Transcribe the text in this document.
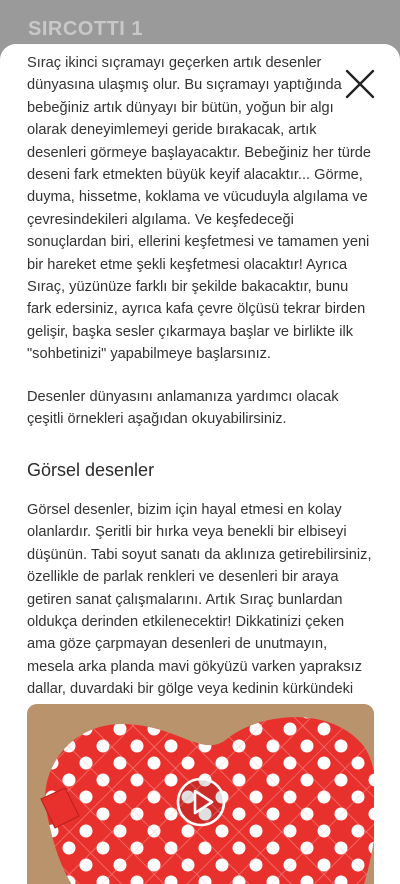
SIRCOTTI 1

Sıraç ikinci sıçramayı geçerken artık desenler dünyasına ulaşmış olur. Bu sıçramayı yaptığında bebeğiniz artık dünyayı bir bütün, yoğun bir algı olarak deneyimlemeyi geride bırakacak, artık desenleri görmeye başlayacaktır. Bebeğiniz her türde deseni fark etmekten büyük keyif alacaktır... Görme, duyma, hissetme, koklama ve vücuduyla algılama ve çevresindekileri algılama. Ve keşfedeceği sonuçlardan biri, ellerini keşfetmesi ve tamamen yeni bir hareket etme şekli keşfetmesi olacaktır! Ayrıca Sıraç, yüzünüze farklı bir şekilde bakacaktır, bunu fark edersiniz, ayrıca kafa çevre ölçüsü tekrar birden gelişir, başka sesler çıkarmaya başlar ve birlikte ilk "sohbetinizi" yapabilmeye başlarsınız.

Desenler dünyasını anlamanıza yardımcı olacak çeşitli örnekleri aşağıdan okuyabilirsiniz.

Görsel desenler

Görsel desenler, bizim için hayal etmesi en kolay olanlardır. Şeritli bir hırka veya benekli bir elbiseyi düşünün. Tabi soyut sanatı da aklınıza getirebilirsiniz, özellikle de parlak renkleri ve desenleri bir araya getiren sanat çalışmalarını. Artık Sıraç bunlardan oldukça derinden etkilenecektir! Dikkatinizi çeken ama göze çarpmayan desenleri de unutmayın, mesela arka planda mavi gökyüzü varken yapraksız dallar, duvardaki bir gölge veya kedinin kürkündeki
